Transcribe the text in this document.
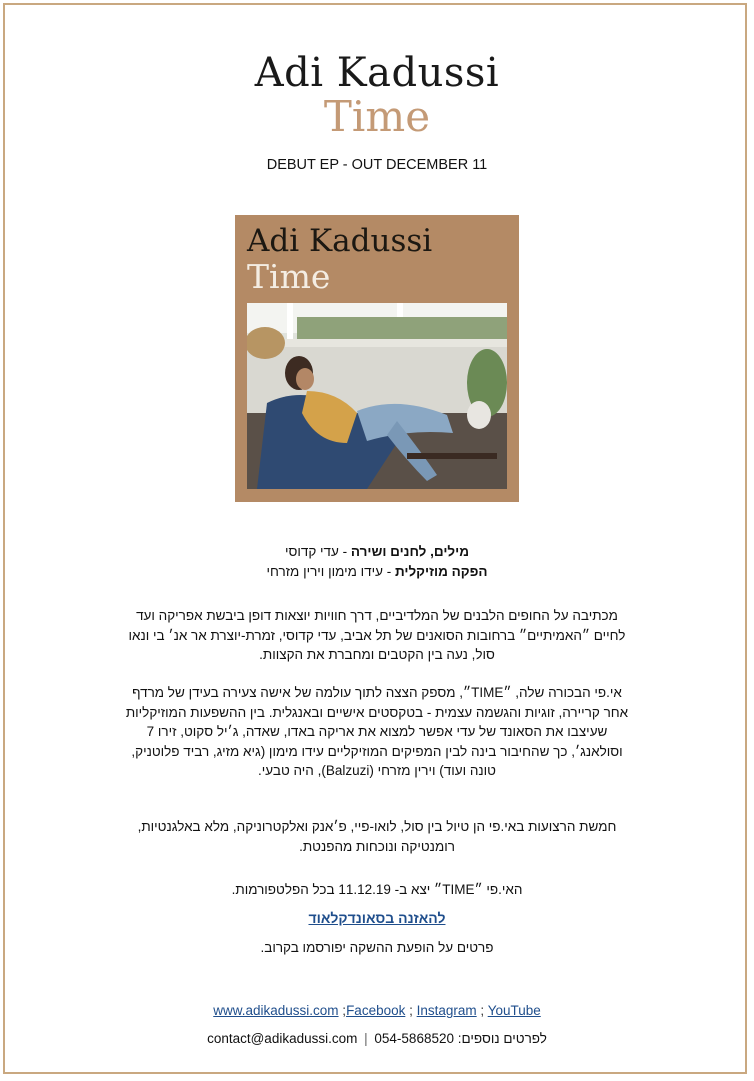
Adi Kadussi
Time
DEBUT EP - OUT DECEMBER 11
Adi Kadussi
Time
מילים, לחנים ושירה - עדי קדוסי
הפקה מוזיקלית - עידו מימון וירין מזרחי
מכתיבה על החופים הלבנים של המלדיביים, דרך חוויות יוצאות דופן ביבשת אפריקה ועד לחיים ״האמיתיים״ ברחובות הסואנים של תל אביב, עדי קדוסי, זמרת-יוצרת אר אנ׳ בי ונאו סול, נעה בין הקטבים ומחברת את הקצוות.
אי.פי הבכורה שלה, ״TIME״, מספק הצצה לתוך עולמה של אישה צעירה בעידן של מרדף אחר קריירה, זוגיות והגשמה עצמית - בטקסטים אישיים ובאנגלית. בין ההשפעות המוזיקליות שעיצבו את הסאונד של עדי אפשר למצוא את אריקה באדו, שאדה, ג׳יל סקוט, זירו 7 וסולאנג׳, כך שהחיבור בינה לבין המפיקים המוזיקליים עידו מימון (גיא מזיג, רביד פלוטניק, טונה ועוד) וירין מזרחי (Balzuzi), היה טבעי.
חמשת הרצועות באי.פי הן טיול בין סול, לואו-פיי, פ׳אנק ואלקטרוניקה, מלא באלגנטיות, רומנטיקה ונוכחות מהפנטת.
האי.פי ״TIME״ יצא ב- 11.12.19 בכל הפלטפורמות.
להאזנה בסאונדקלאוד
פרטים על הופעת ההשקה יפורסמו בקרוב.
www.adikadussi.com ;Facebook ; Instagram ; YouTube
contact@adikadussi.com |	לפרטים נוספים: 054-5868520
